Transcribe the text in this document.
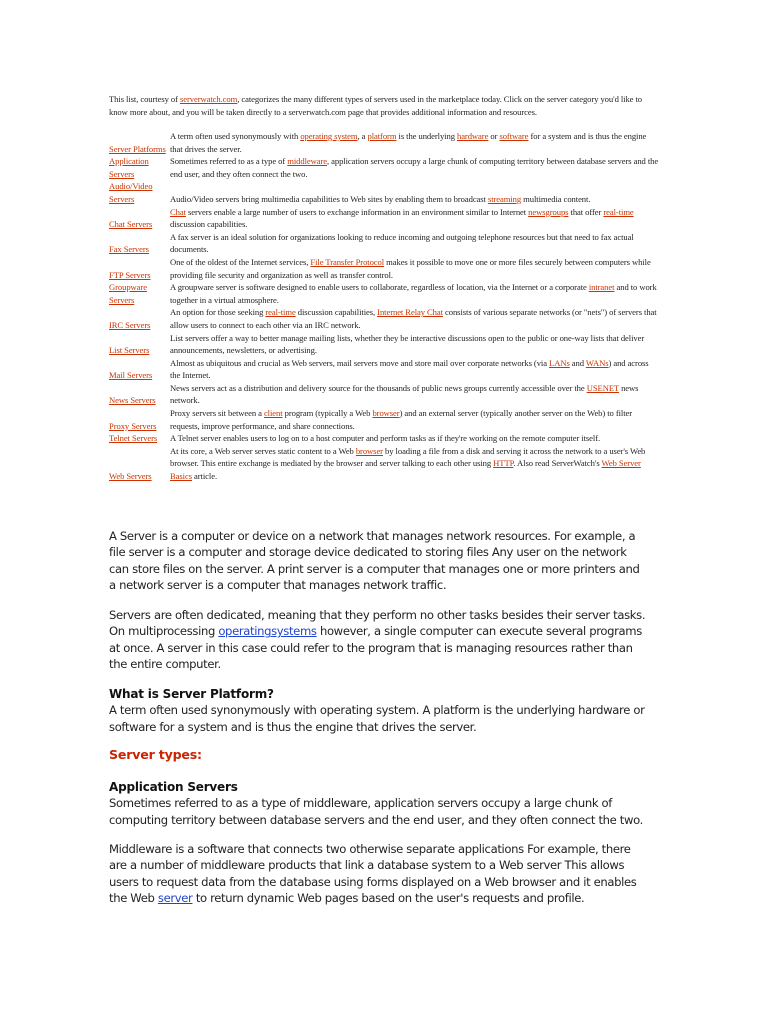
This list, courtesy of serverwatch.com, categorizes the many different types of servers used in the marketplace today. Click on the server category you'd like to know more about, and you will be taken directly to a serverwatch.com page that provides additional information and resources.
Server Platforms	A term often used synonymously with operating system, a platform is the underlying hardware or software for a system and is thus the engine that drives the server.
Application Servers	Sometimes referred to as a type of middleware, application servers occupy a large chunk of computing territory between database servers and the end user, and they often connect the two.
Audio/Video Servers	Audio/Video servers bring multimedia capabilities to Web sites by enabling them to broadcast streaming multimedia content.
Chat Servers	Chat servers enable a large number of users to exchange information in an environment similar to Internet newsgroups that offer real-time discussion capabilities.
Fax Servers	A fax server is an ideal solution for organizations looking to reduce incoming and outgoing telephone resources but that need to fax actual documents.
FTP Servers	One of the oldest of the Internet services, File Transfer Protocol makes it possible to move one or more files securely between computers while providing file security and organization as well as transfer control.
Groupware Servers	A groupware server is software designed to enable users to collaborate, regardless of location, via the Internet or a corporate intranet and to work together in a virtual atmosphere.
IRC Servers	An option for those seeking real-time discussion capabilities, Internet Relay Chat consists of various separate networks (or "nets") of servers that allow users to connect to each other via an IRC network.
List Servers	List servers offer a way to better manage mailing lists, whether they be interactive discussions open to the public or one-way lists that deliver announcements, newsletters, or advertising.
Mail Servers	Almost as ubiquitous and crucial as Web servers, mail servers move and store mail over corporate networks (via LANs and WANs) and across the Internet.
News Servers	News servers act as a distribution and delivery source for the thousands of public news groups currently accessible over the USENET news network.
Proxy Servers	Proxy servers sit between a client program (typically a Web browser) and an external server (typically another server on the Web) to filter requests, improve performance, and share connections.
Telnet Servers	A Telnet server enables users to log on to a host computer and perform tasks as if they're working on the remote computer itself.
Web Servers	At its core, a Web server serves static content to a Web browser by loading a file from a disk and serving it across the network to a user's Web browser. This entire exchange is mediated by the browser and server talking to each other using HTTP. Also read ServerWatch's Web Server Basics article.

A Server is a computer or device on a network that manages network resources. For example, a file server is a computer and storage device dedicated to storing files Any user on the network can store files on the server. A print server is a computer that manages one or more printers and a network server is a computer that manages network traffic.

Servers are often dedicated, meaning that they perform no other tasks besides their server tasks. On multiprocessing operatingsystems however, a single computer can execute several programs at once. A server in this case could refer to the program that is managing resources rather than the entire computer.

What is Server Platform?

A term often used synonymously with operating system. A platform is the underlying hardware or software for a system and is thus the engine that drives the server.

Server types:

Application Servers

Sometimes referred to as a type of middleware, application servers occupy a large chunk of computing territory between database servers and the end user, and they often connect the two.

Middleware is a software that connects two otherwise separate applications For example, there are a number of middleware products that link a database system to a Web server This allows users to request data from the database using forms displayed on a Web browser and it enables the Web server to return dynamic Web pages based on the user's requests and profile.
